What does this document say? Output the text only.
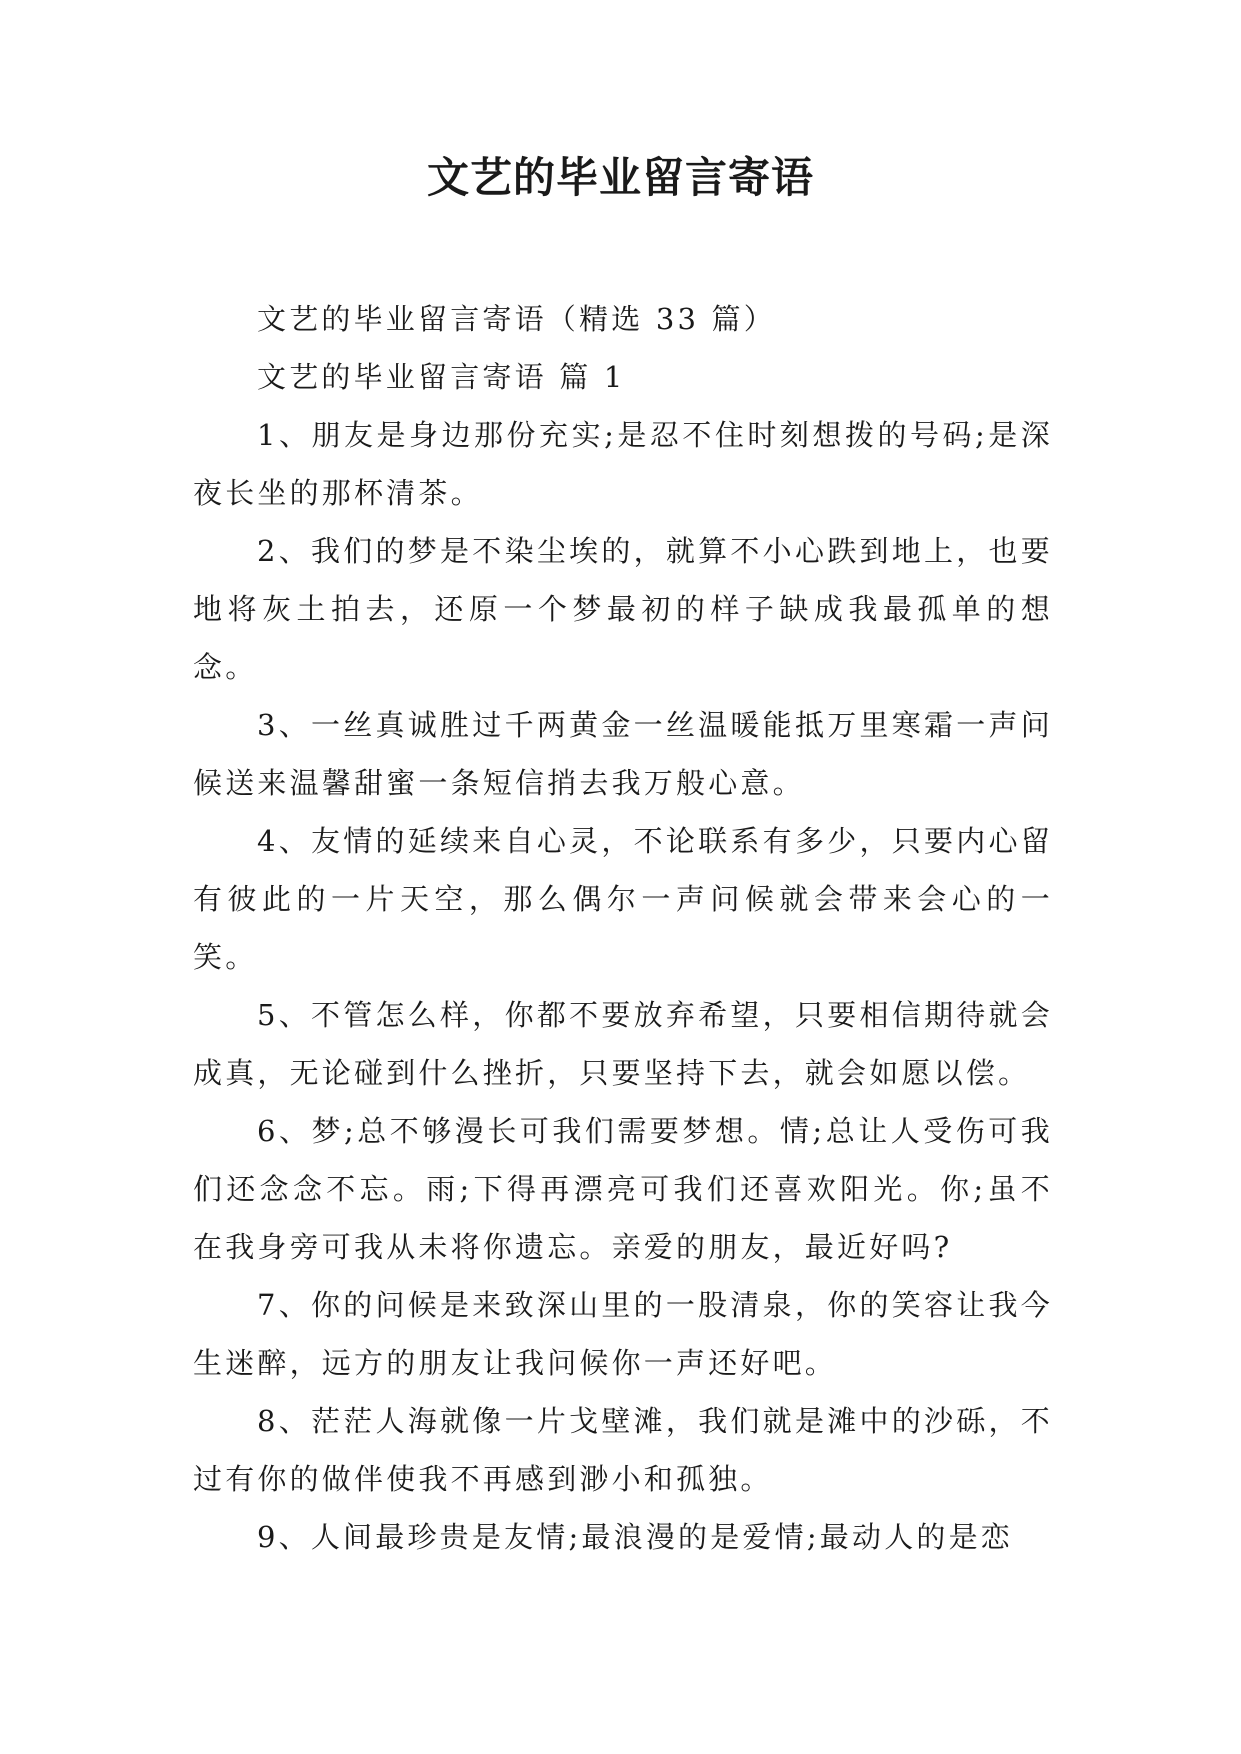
文艺的毕业留言寄语

文艺的毕业留言寄语（精选 33 篇）

文艺的毕业留言寄语 篇 1

1、朋友是身边那份充实;是忍不住时刻想拨的号码;是深夜长坐的那杯清茶。

2、我们的梦是不染尘埃的，就算不小心跌到地上，也要地将灰土拍去，还原一个梦最初的样子缺成我最孤单的想念。

3、一丝真诚胜过千两黄金一丝温暖能抵万里寒霜一声问候送来温馨甜蜜一条短信捎去我万般心意。

4、友情的延续来自心灵，不论联系有多少，只要内心留有彼此的一片天空，那么偶尔一声问候就会带来会心的一笑。

5、不管怎么样，你都不要放弃希望，只要相信期待就会成真，无论碰到什么挫折，只要坚持下去，就会如愿以偿。

6、梦;总不够漫长可我们需要梦想。情;总让人受伤可我们还念念不忘。雨;下得再漂亮可我们还喜欢阳光。你;虽不在我身旁可我从未将你遗忘。亲爱的朋友，最近好吗?

7、你的问候是来致深山里的一股清泉，你的笑容让我今生迷醉，远方的朋友让我问候你一声还好吧。

8、茫茫人海就像一片戈壁滩，我们就是滩中的沙砾，不过有你的做伴使我不再感到渺小和孤独。

9、人间最珍贵是友情;最浪漫的是爱情;最动人的是恋
